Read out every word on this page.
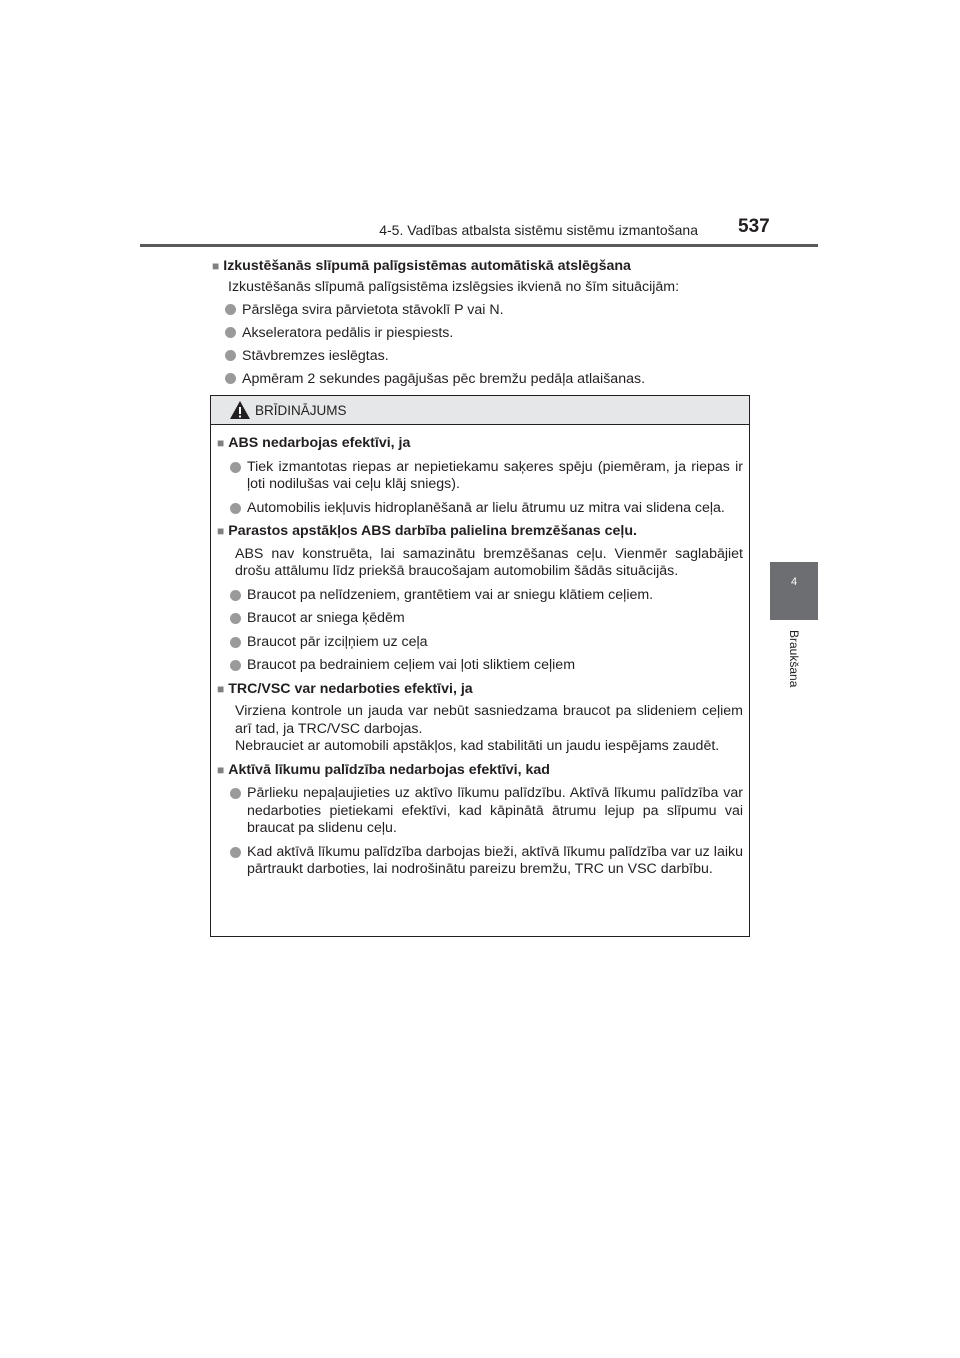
4-5. Vadības atbalsta sistēmu sistēmu izmantošana 537
4
Braukšana
■ Izkustēšanās slīpumā palīgsistēmas automātiskā atslēgšana
Izkustēšanās slīpumā palīgsistēma izslēgsies ikvienā no šīm situācijām:
Pārslēga svira pārvietota stāvoklī P vai N.
Akseleratora pedālis ir piespiests.
Stāvbremzes ieslēgtas.
Apmēram 2 sekundes pagājušas pēc bremžu pedāļa atlaišanas.
BRĪDINĀJUMS
■ ABS nedarbojas efektīvi, ja
Tiek izmantotas riepas ar nepietiekamu saķeres spēju (piemēram, ja riepas ir ļoti nodilušas vai ceļu klāj sniegs).
Automobilis iekļuvis hidroplanēšanā ar lielu ātrumu uz mitra vai slidena ceļa.
■ Parastos apstākļos ABS darbība palielina bremzēšanas ceļu.
ABS nav konstruēta, lai samazinātu bremzēšanas ceļu. Vienmēr saglabājiet drošu attālumu līdz priekšā braucošajam automobilim šādās situācijās.
Braucot pa nelīdzeniem, grantētiem vai ar sniegu klātiem ceļiem.
Braucot ar sniega ķēdēm
Braucot pār izciļņiem uz ceļa
Braucot pa bedrainiem ceļiem vai ļoti sliktiem ceļiem
■ TRC/VSC var nedarboties efektīvi, ja
Virziena kontrole un jauda var nebūt sasniedzama braucot pa slideniem ceļiem arī tad, ja TRC/VSC darbojas.
Nebrauciet ar automobili apstākļos, kad stabilitāti un jaudu iespējams zaudēt.
■ Aktīvā līkumu palīdzība nedarbojas efektīvi, kad
Pārlieku nepaļaujieties uz aktīvo līkumu palīdzību. Aktīvā līkumu palīdzība var nedarboties pietiekami efektīvi, kad kāpinātā ātrumu lejup pa slīpumu vai braucat pa slidenu ceļu.
Kad aktīvā līkumu palīdzība darbojas bieži, aktīvā līkumu palīdzība var uz laiku pārtraukt darboties, lai nodrošinātu pareizu bremžu, TRC un VSC darbību.
